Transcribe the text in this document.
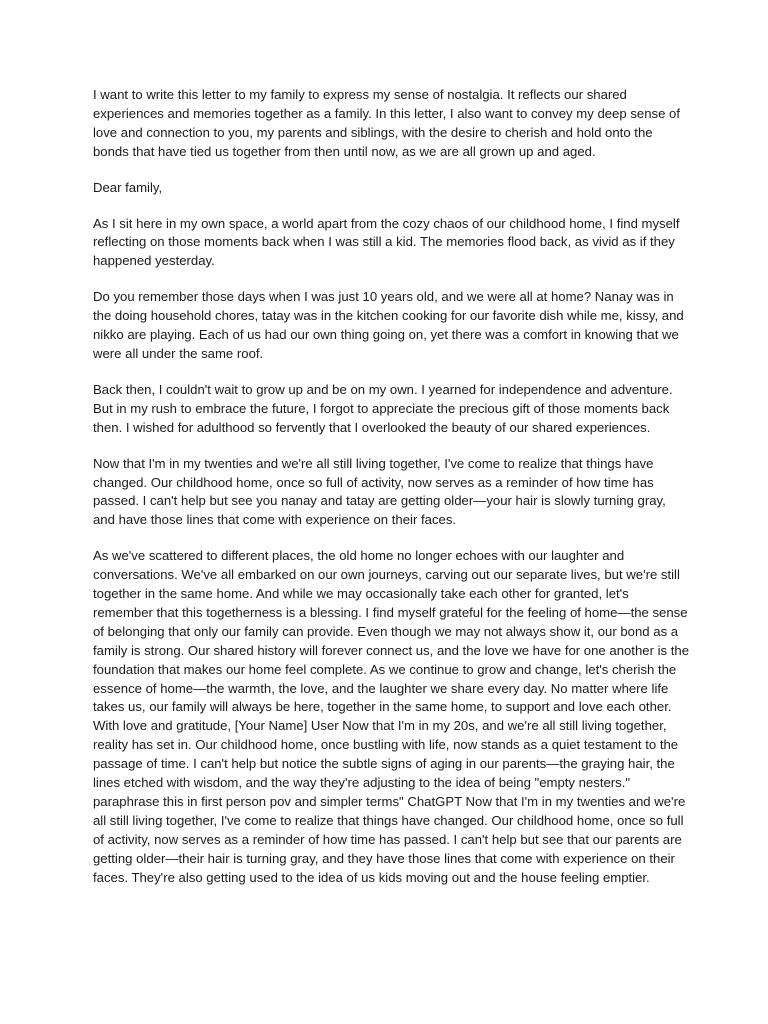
I want to write this letter to my family to express my sense of nostalgia. It reflects our shared experiences and memories together as a family. In this letter, I also want to convey my deep sense of love and connection to you, my parents and siblings, with the desire to cherish and hold onto the bonds that have tied us together from then until now, as we are all grown up and aged.

Dear family,

As I sit here in my own space, a world apart from the cozy chaos of our childhood home, I find myself reflecting on those moments back when I was still a kid. The memories flood back, as vivid as if they happened yesterday.

Do you remember those days when I was just 10 years old, and we were all at home? Nanay was in the doing household chores, tatay was in the kitchen cooking for our favorite dish while me, kissy, and nikko are playing. Each of us had our own thing going on, yet there was a comfort in knowing that we were all under the same roof.

Back then, I couldn't wait to grow up and be on my own. I yearned for independence and adventure. But in my rush to embrace the future, I forgot to appreciate the precious gift of those moments back then. I wished for adulthood so fervently that I overlooked the beauty of our shared experiences.

Now that I'm in my twenties and we're all still living together, I've come to realize that things have changed. Our childhood home, once so full of activity, now serves as a reminder of how time has passed. I can't help but see you nanay and tatay are getting older—your hair is slowly turning gray, and have those lines that come with experience on their faces.

As we've scattered to different places, the old home no longer echoes with our laughter and conversations. We've all embarked on our own journeys, carving out our separate lives, but we're still together in the same home. And while we may occasionally take each other for granted, let's remember that this togetherness is a blessing. I find myself grateful for the feeling of home—the sense of belonging that only our family can provide. Even though we may not always show it, our bond as a family is strong. Our shared history will forever connect us, and the love we have for one another is the foundation that makes our home feel complete. As we continue to grow and change, let's cherish the essence of home—the warmth, the love, and the laughter we share every day. No matter where life takes us, our family will always be here, together in the same home, to support and love each other. With love and gratitude, [Your Name] User Now that I'm in my 20s, and we're all still living together, reality has set in. Our childhood home, once bustling with life, now stands as a quiet testament to the passage of time. I can't help but notice the subtle signs of aging in our parents—the graying hair, the lines etched with wisdom, and the way they're adjusting to the idea of being "empty nesters." paraphrase this in first person pov and simpler terms" ChatGPT Now that I'm in my twenties and we're all still living together, I've come to realize that things have changed. Our childhood home, once so full of activity, now serves as a reminder of how time has passed. I can't help but see that our parents are getting older—their hair is turning gray, and they have those lines that come with experience on their faces. They're also getting used to the idea of us kids moving out and the house feeling emptier.
